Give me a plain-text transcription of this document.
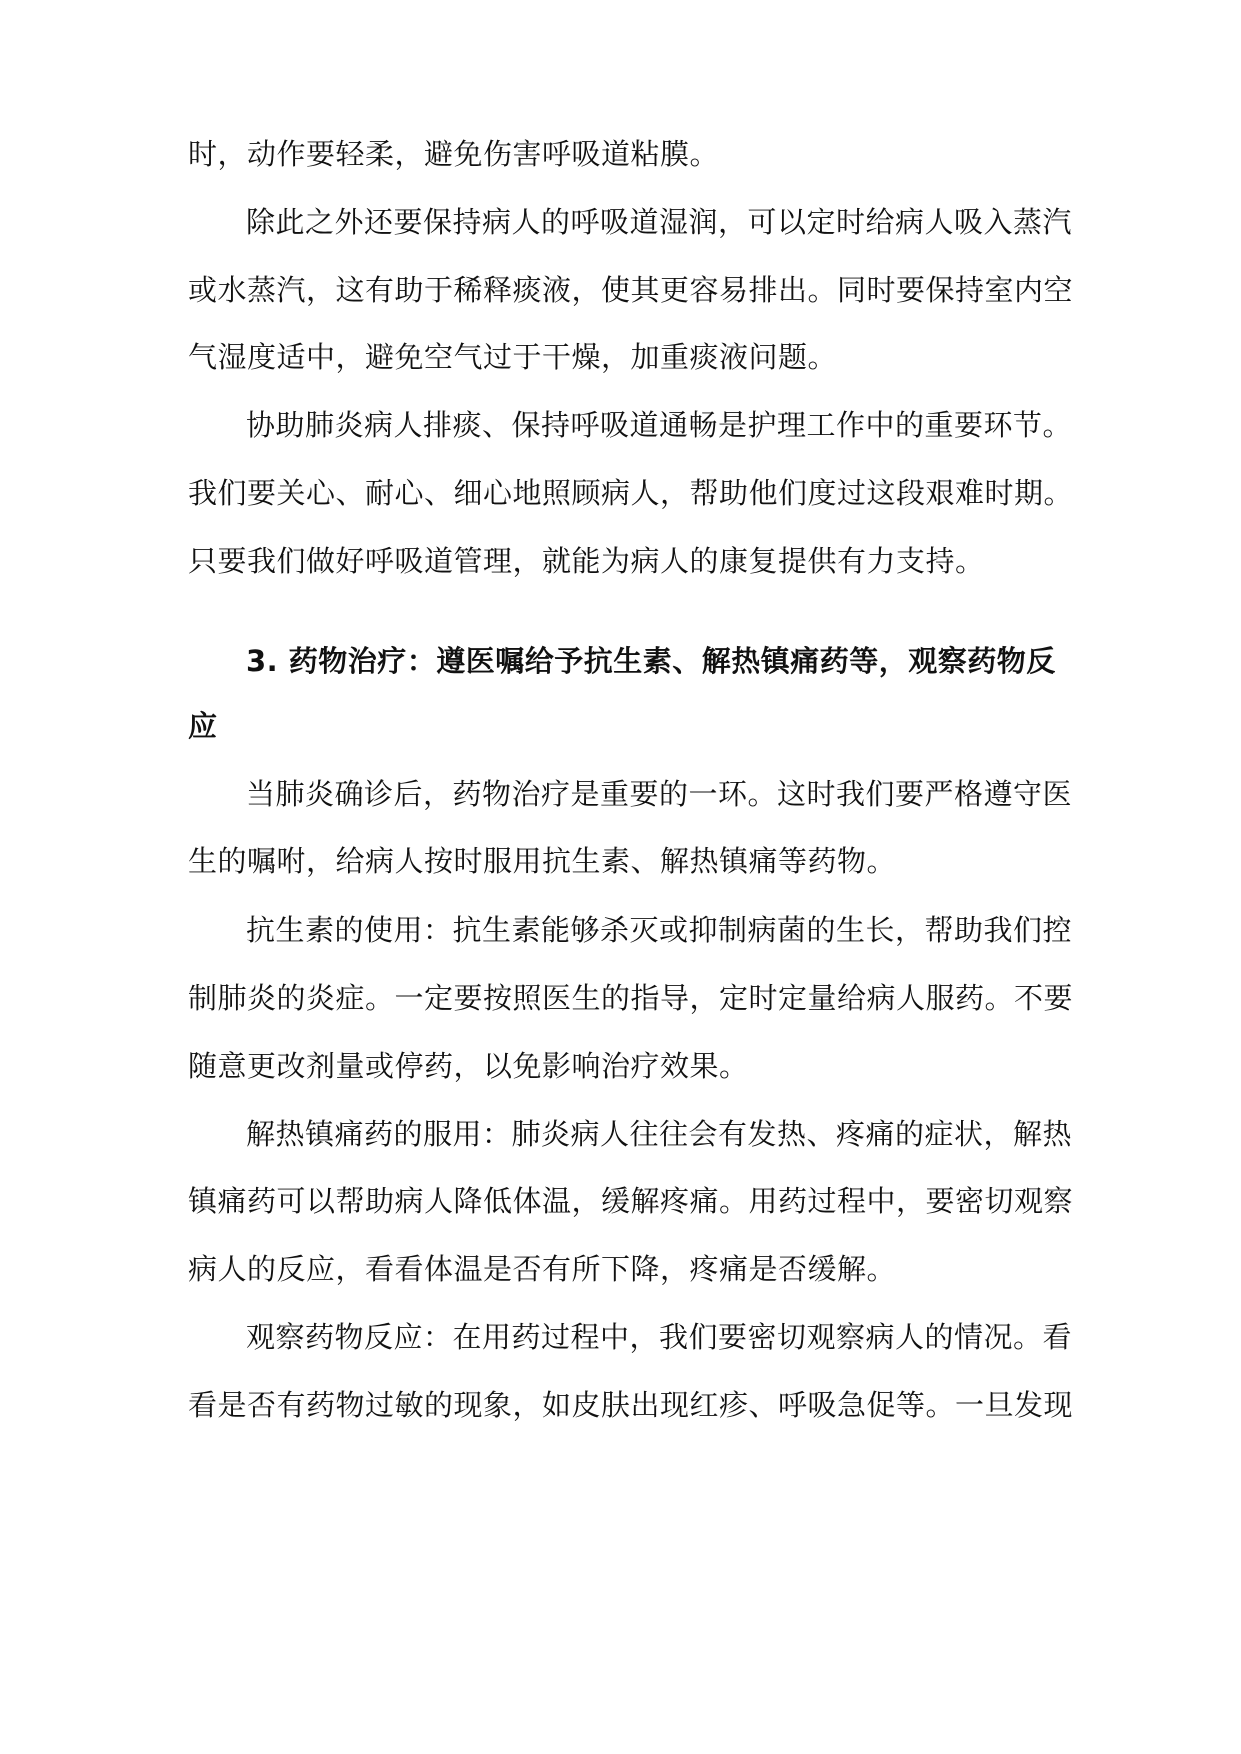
时，动作要轻柔，避免伤害呼吸道粘膜。
除此之外还要保持病人的呼吸道湿润，可以定时给病人吸入蒸汽
或水蒸汽，这有助于稀释痰液，使其更容易排出。同时要保持室内空
气湿度适中，避免空气过于干燥，加重痰液问题。
协助肺炎病人排痰、保持呼吸道通畅是护理工作中的重要环节。
我们要关心、耐心、细心地照顾病人，帮助他们度过这段艰难时期。
只要我们做好呼吸道管理，就能为病人的康复提供有力支持。
3. 药物治疗：遵医嘱给予抗生素、解热镇痛药等，观察药物反
应
当肺炎确诊后，药物治疗是重要的一环。这时我们要严格遵守医
生的嘱咐，给病人按时服用抗生素、解热镇痛等药物。
抗生素的使用：抗生素能够杀灭或抑制病菌的生长，帮助我们控
制肺炎的炎症。一定要按照医生的指导，定时定量给病人服药。不要
随意更改剂量或停药，以免影响治疗效果。
解热镇痛药的服用：肺炎病人往往会有发热、疼痛的症状，解热
镇痛药可以帮助病人降低体温，缓解疼痛。用药过程中，要密切观察
病人的反应，看看体温是否有所下降，疼痛是否缓解。
观察药物反应：在用药过程中，我们要密切观察病人的情况。看
看是否有药物过敏的现象，如皮肤出现红疹、呼吸急促等。一旦发现
